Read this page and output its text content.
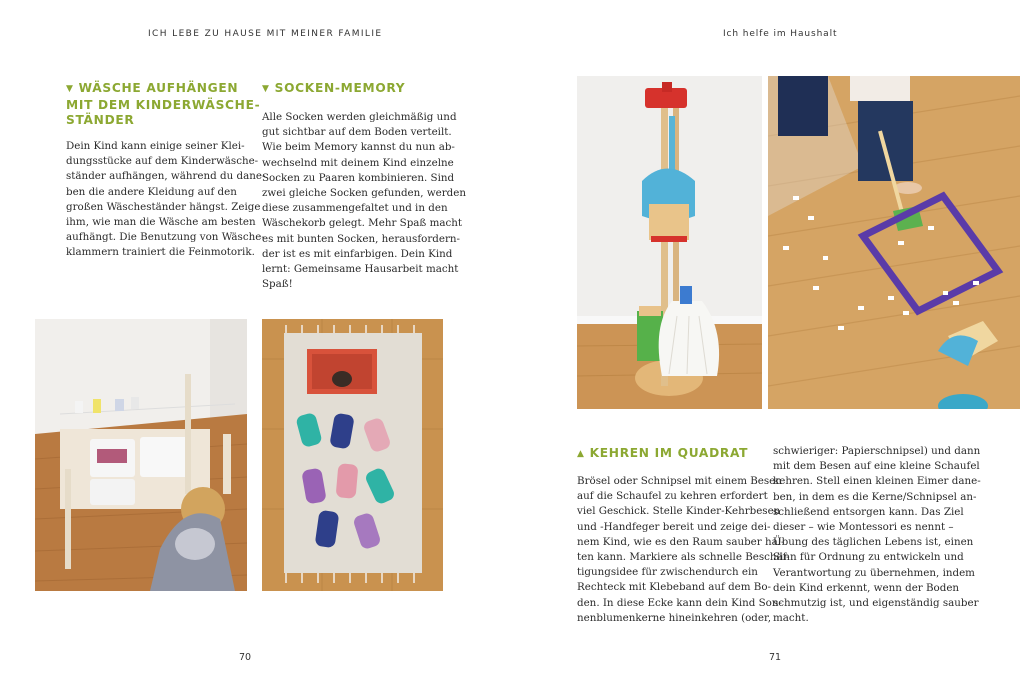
ICH LEBE ZU HAUSE MIT MEINER FAMILIE	Ich helfe im Haushalt
▼ WÄSCHE AUFHÄNGEN
MIT DEM KINDERWÄSCHE-
STÄNDER
Dein Kind kann einige seiner Klei-
dungsstücke auf dem Kinderwäsche-
ständer aufhängen, während du dane-
ben die andere Kleidung auf den
großen Wäscheständer hängst. Zeige
ihm, wie man die Wäsche am besten
aufhängt. Die Benutzung von Wäsche-
klammern trainiert die Feinmotorik.
▼ SOCKEN-MEMORY
Alle Socken werden gleichmäßig und
gut sichtbar auf dem Boden verteilt.
Wie beim Memory kannst du nun ab-
wechselnd mit deinem Kind einzelne
Socken zu Paaren kombinieren. Sind
zwei gleiche Socken gefunden, werden
diese zusammengefaltet und in den
Wäschekorb gelegt. Mehr Spaß macht
es mit bunten Socken, herausfordern-
der ist es mit einfarbigen. Dein Kind
lernt: Gemeinsame Hausarbeit macht
Spaß!
▲ KEHREN IM QUADRAT
Brösel oder Schnipsel mit einem Besen
auf die Schaufel zu kehren erfordert
viel Geschick. Stelle Kinder-Kehrbesen
und -Handfeger bereit und zeige dei-
nem Kind, wie es den Raum sauber hal-
ten kann. Markiere als schnelle Beschäf-
tigungsidee für zwischendurch ein
Rechteck mit Klebeband auf dem Bo-
den. In diese Ecke kann dein Kind Son-
nenblumenkerne hineinkehren (oder,
schwieriger: Papierschnipsel) und dann
mit dem Besen auf eine kleine Schaufel
kehren. Stell einen kleinen Eimer dane-
ben, in dem es die Kerne/Schnipsel an-
schließend entsorgen kann. Das Ziel
dieser – wie Montessori es nennt –
Übung des täglichen Lebens ist, einen
Sinn für Ordnung zu entwickeln und
Verantwortung zu übernehmen, indem
dein Kind erkennt, wenn der Boden
schmutzig ist, und eigenständig sauber
macht.
70	71
